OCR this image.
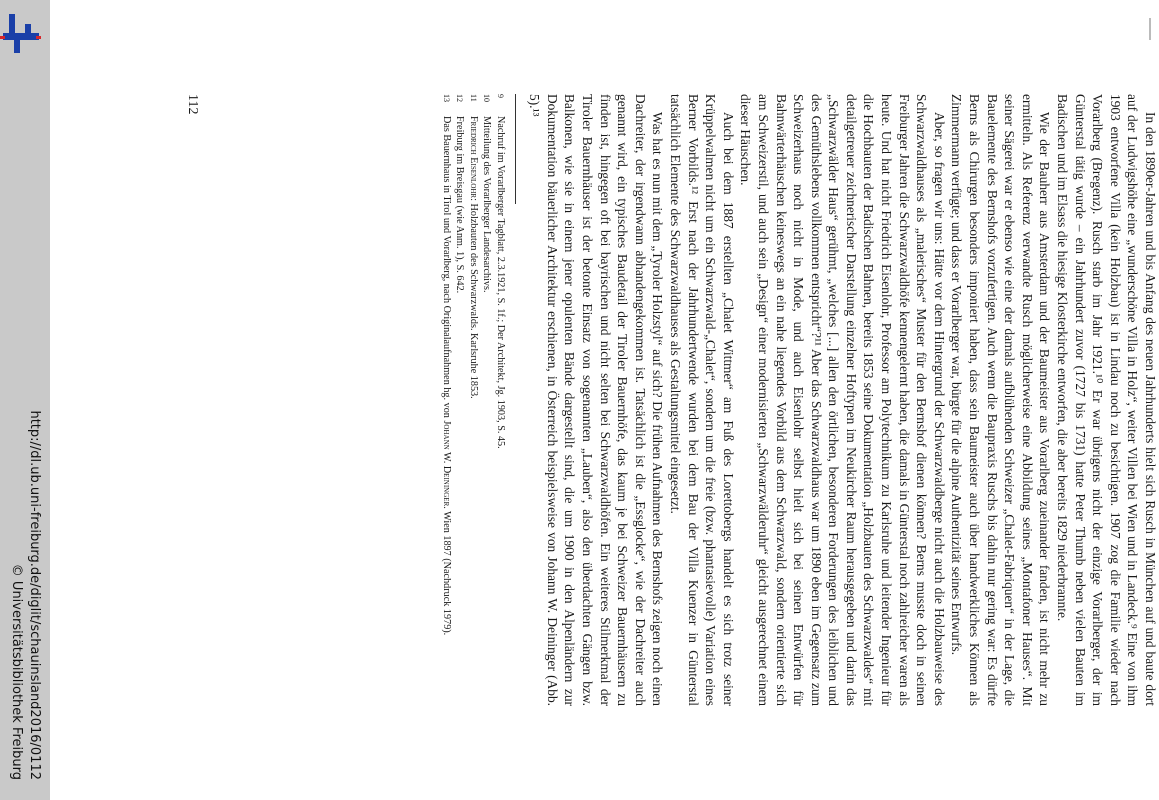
http://dl.ub.uni-freiburg.de/diglit/schauinsland2016/0112
© Universitätsbibliothek Freiburg	In den 1890er-Jahren und bis Anfang des neuen Jahrhunderts hielt sich Rusch in München auf und baute dort auf der Ludwigshöhe eine „wunderschöne Villa in Holz“, weiter Villen bei Wien und in Landeck.⁹ Eine von ihm 1903 entworfene Villa (kein Holzbau) ist in Lindau noch zu besichtigen. 1907 zog die Familie wieder nach Vorarlberg (Bregenz). Rusch starb im Jahr 1921.¹⁰ Er war übrigens nicht der einzige Vorarlberger, der im Günterstal tätig wurde – ein Jahrhundert zuvor (1727 bis 1731) hatte Peter Thumb neben vielen Bauten im Badischen und im Elsass die hiesige Klosterkirche entworfen, die aber bereits 1829 niederbrannte.

Wie der Bauherr aus Amsterdam und der Baumeister aus Vorarlberg zueinander fanden, ist nicht mehr zu ermitteln. Als Referenz verwandte Rusch möglicherweise eine Abbildung seines „Montafoner Hauses“. Mit seiner Sägerei war er ebenso wie eine der damals aufblühenden Schweizer „Chalet-Fabriquen“ in der Lage, die Bauelemente des Bernshofs vorzufertigen. Auch wenn die Baupraxis Ruschs bis dahin nur gering war: Es dürfte Berns als Chirurgen besonders imponiert haben, dass sein Baumeister auch über handwerkliches Können als Zimmermann verfügte; und dass er Vorarlberger war, bürgte für die alpine Authentizität seines Entwurfs.

Aber, so fragen wir uns: Hätte vor dem Hintergrund der Schwarzwaldberge nicht auch die Holzbauweise des Schwarzwaldhauses als „malerisches“ Muster für den Bernshof dienen können? Berns musste doch in seinen Freiburger Jahren die Schwarzwaldhöfe kennengelernt haben, die damals in Günterstal noch zahlreicher waren als heute. Und hat nicht Friedrich Eisenlohr, Professor am Polytechnikum zu Karlsruhe und leitender Ingenieur für die Hochbauten der Badischen Bahnen, bereits 1853 seine Dokumentation „Holzbauten des Schwarzwaldes“ mit detailgetreuer zeichnerischer Darstellung einzelner Hoftypen im Neukircher Raum herausgegeben und darin das „Schwarzwälder Haus“ gerühmt, „welches [...] allen den örtlichen, besonderen Forderungen des leiblichen und des Gemüthslebens vollkommen entspricht“?¹¹ Aber das Schwarzwaldhaus war um 1890 eben im Gegensatz zum Schweizerhaus noch nicht in Mode, und auch Eisenlohr selbst hielt sich bei seinen Entwürfen für Bahnwärterhäuschen keineswegs an ein nahe liegendes Vorbild aus dem Schwarzwald, sondern orientierte sich am Schweizerstil, und auch sein „Design“ einer modernisierten „Schwarzwälderuhr“ gleicht ausgerechnet einem dieser Häuschen.

Auch bei dem 1887 erstellten „Chalet Wittmer“ am Fuß des Lorettobergs handelt es sich trotz seiner Krüppelwalmen nicht um ein Schwarzwald-„Chalet“, sondern um die freie (bzw. phantasievolle) Variation eines Berner Vorbilds.¹² Erst nach der Jahrhundertwende wurden bei dem Bau der Villa Kuenzer in Günterstal tatsächlich Elemente des Schwarzwaldhauses als Gestaltungsmittel eingesetzt.

Was hat es nun mit dem „Tyroler Holzstyl“ auf sich? Die frühen Aufnahmen des Bernshofs zeigen noch einen Dachreiter, der irgendwann abhandengekommen ist. Tatsächlich ist die „Essglocke“, wie der Dachreiter auch genannt wird, ein typisches Baudetail der Tiroler Bauernhöfe, das kaum je bei Schweizer Bauernhäusern zu finden ist, hingegen oft bei bayrischen und nicht selten bei Schwarzwaldhöfen. Ein weiteres Stilmerkmal der Tiroler Bauernhäuser ist der betonte Einsatz von sogenannten „Lauben“, also den überdachten Gängen bzw. Balkonen, wie sie in einem jener opulenten Bände dargestellt sind, die um 1900 in den Alpenländern zur Dokumentation bäuerlicher Architektur erschienen, in Österreich beispielsweise von Johann W. Deininger (Abb. 5).¹³

9
Nachruf im Vorarlberger Tagblatt, 2.3.1921, S. 1f.; Der Architekt, Jg. 1903, S. 45.

10
Mitteilung des Vorarlberger Landesarchivs.

11
Friedrich Eisenlohr: Holzbauten des Schwarzwalds. Karlsruhe 1853.

12
Freiburg im Breisgau (wie Anm. 1), S. 642.

13
Das Bauernhaus in Tirol und Vorarlberg, nach Originalaufnahmen hg. von Johann W. Deininger. Wien 1897 (Nachdruck 1979).

112
